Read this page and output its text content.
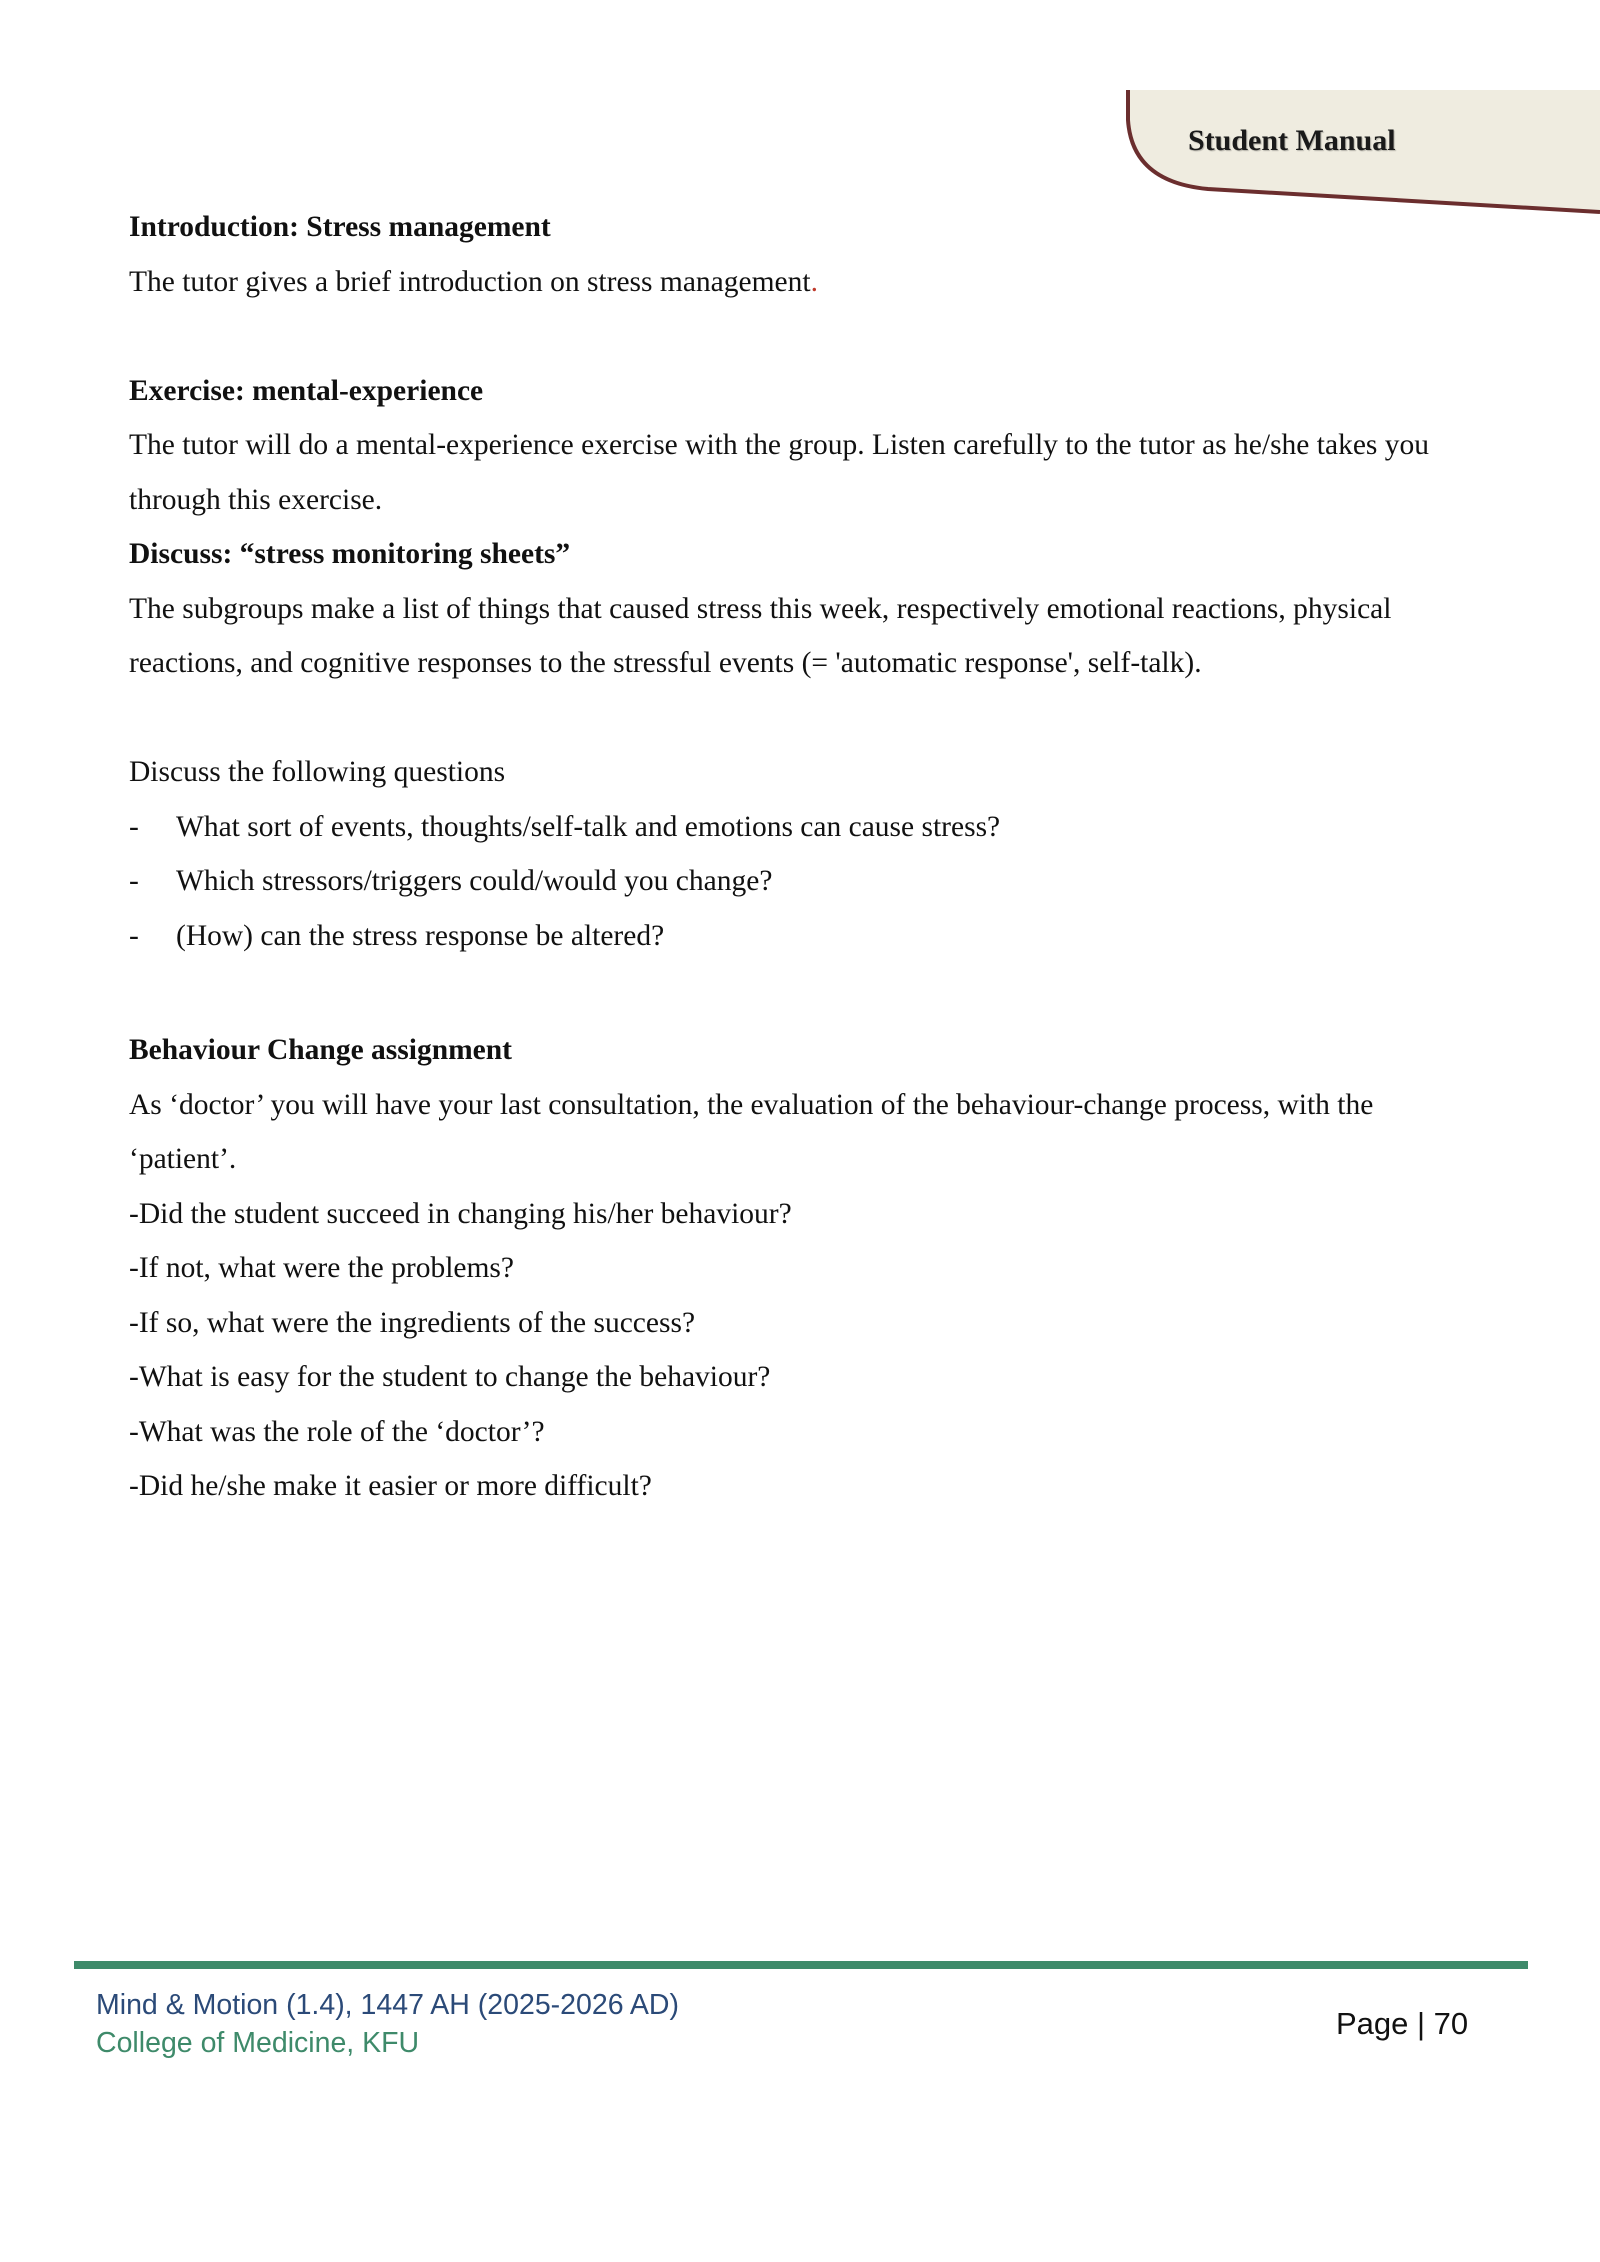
Student Manual
Introduction: Stress management

The tutor gives a brief introduction on stress management.

Exercise: mental-experience

The tutor will do a mental-experience exercise with the group. Listen carefully to the tutor as he/she takes you through this exercise.

Discuss: “stress monitoring sheets”

The subgroups make a list of things that caused stress this week, respectively emotional reactions, physical reactions, and cognitive responses to the stressful events (= 'automatic response', self-talk).

Discuss the following questions

- What sort of events, thoughts/self-talk and emotions can cause stress?
- Which stressors/triggers could/would you change?
- (How) can the stress response be altered?
Behaviour Change assignment

As ‘doctor’ you will have your last consultation, the evaluation of the behaviour-change process, with the ‘patient’.

-Did the student succeed in changing his/her behaviour?
-If not, what were the problems?
-If so, what were the ingredients of the success?
-What is easy for the student to change the behaviour?
-What was the role of the ‘doctor’?
-Did he/she make it easier or more difficult?
Mind & Motion (1.4), 1447 AH (2025-2026 AD)
College of Medicine, KFU
Page | 70
